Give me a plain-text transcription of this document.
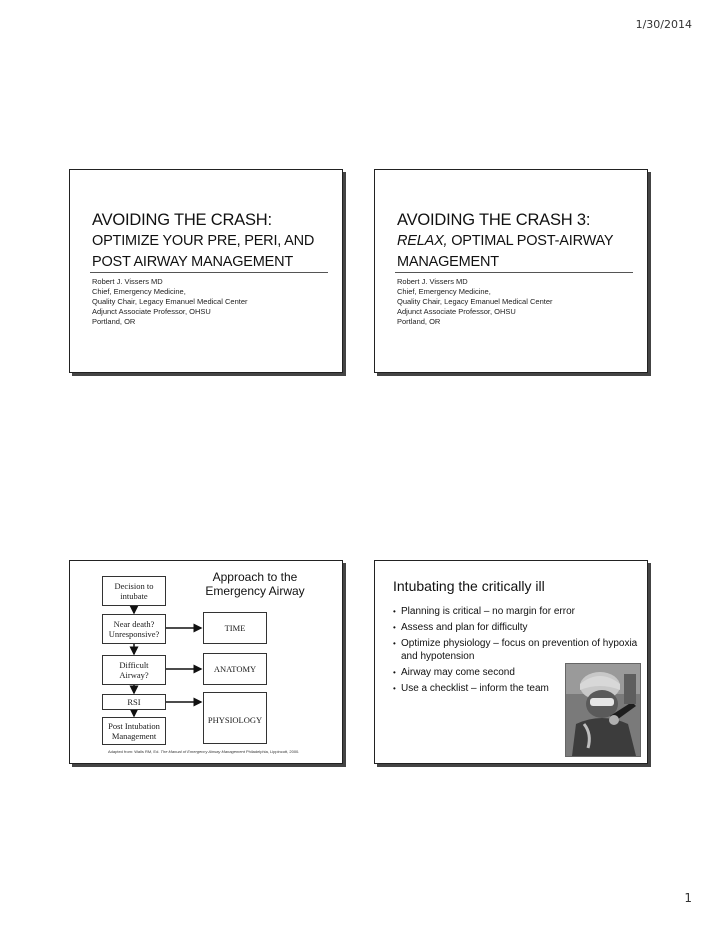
1/30/2014
AVOIDING THE CRASH:
OPTIMIZE YOUR PRE, PERI, AND
POST AIRWAY MANAGEMENT
Robert J. Vissers MD
Chief, Emergency Medicine,
Quality Chair, Legacy Emanuel Medical Center
Adjunct Associate Professor, OHSU
Portland, OR
AVOIDING THE CRASH 3:
RELAX, OPTIMAL POST-AIRWAY
MANAGEMENT
Robert J. Vissers MD
Chief, Emergency Medicine,
Quality Chair, Legacy Emanuel Medical Center
Adjunct Associate Professor, OHSU
Portland, OR
Approach to the
Emergency Airway
Decision to
intubate
Near death?
Unresponsive?
TIME
Difficult
Airway?
ANATOMY
RSI
PHYSIOLOGY
Post Intubation
Management
Adapted from: Walls RM, Ed. The Manual of Emergency Airway Management Philadelphia, Lippincott, 2000.
Intubating the critically ill
• Planning is critical – no margin for error
• Assess and plan for difficulty
• Optimize physiology – focus on prevention of hypoxia and hypotension
• Airway may come second
• Use a checklist – inform the team
1
